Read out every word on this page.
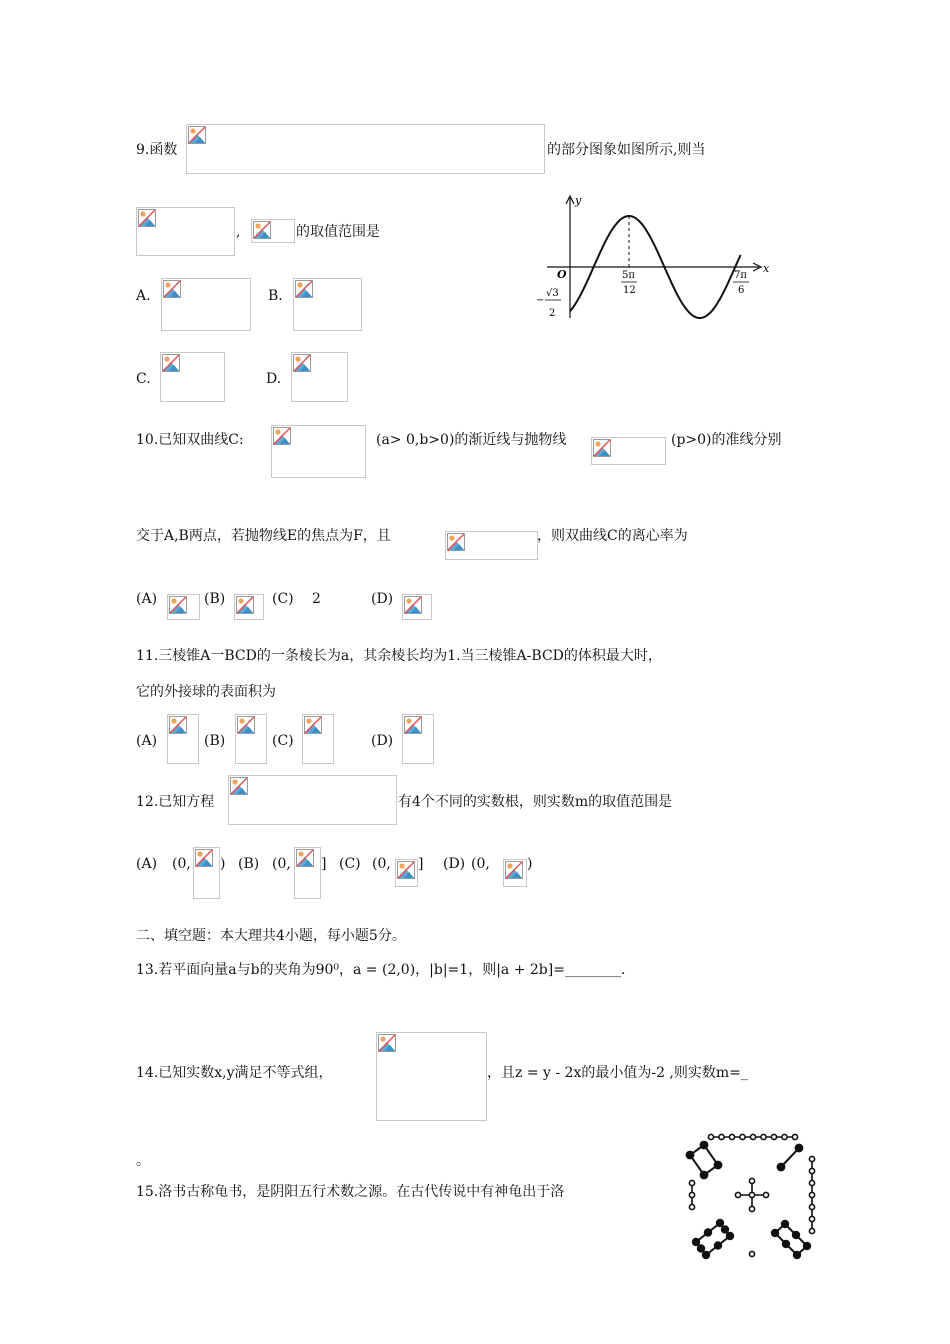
9.函数	的部分图象如图所示,则当
,	的取值范围是
A.	B.
C.	D.
y
x
O	5π
12
7π
6
−
√3
2
10.已知双曲线C:	(a> 0,b>0)的渐近线与抛物线	(p>0)的准线分别
交于A,B两点，若抛物线E的焦点为F，且	，则双曲线C的离心率为
(A)	(B)	(C) 2	(D)
11.三棱锥A一BCD的一条棱长为a，其余棱长均为1.当三棱锥A-BCD的体积最大时，
它的外接球的表面积为
(A)	(B)	(C)	(D)
12.已知方程	有4个不同的实数根，则实数m的取值范围是
(A) (0, ) (B) (0, ] (C) (0, ] (D) (0,	)
二、填空题：本大理共4小题，每小题5分。
13.若平面向量a与b的夹角为90⁰，a = (2,0)，|b|=1，则|a + 2b]=________.
14.已知实数x,y满足不等式组，	，且z = y - 2x的最小值为-2 ,则实数m=_
。
15.洛书古称龟书，是阴阳五行术数之源。在古代传说中有神龟出于洛
